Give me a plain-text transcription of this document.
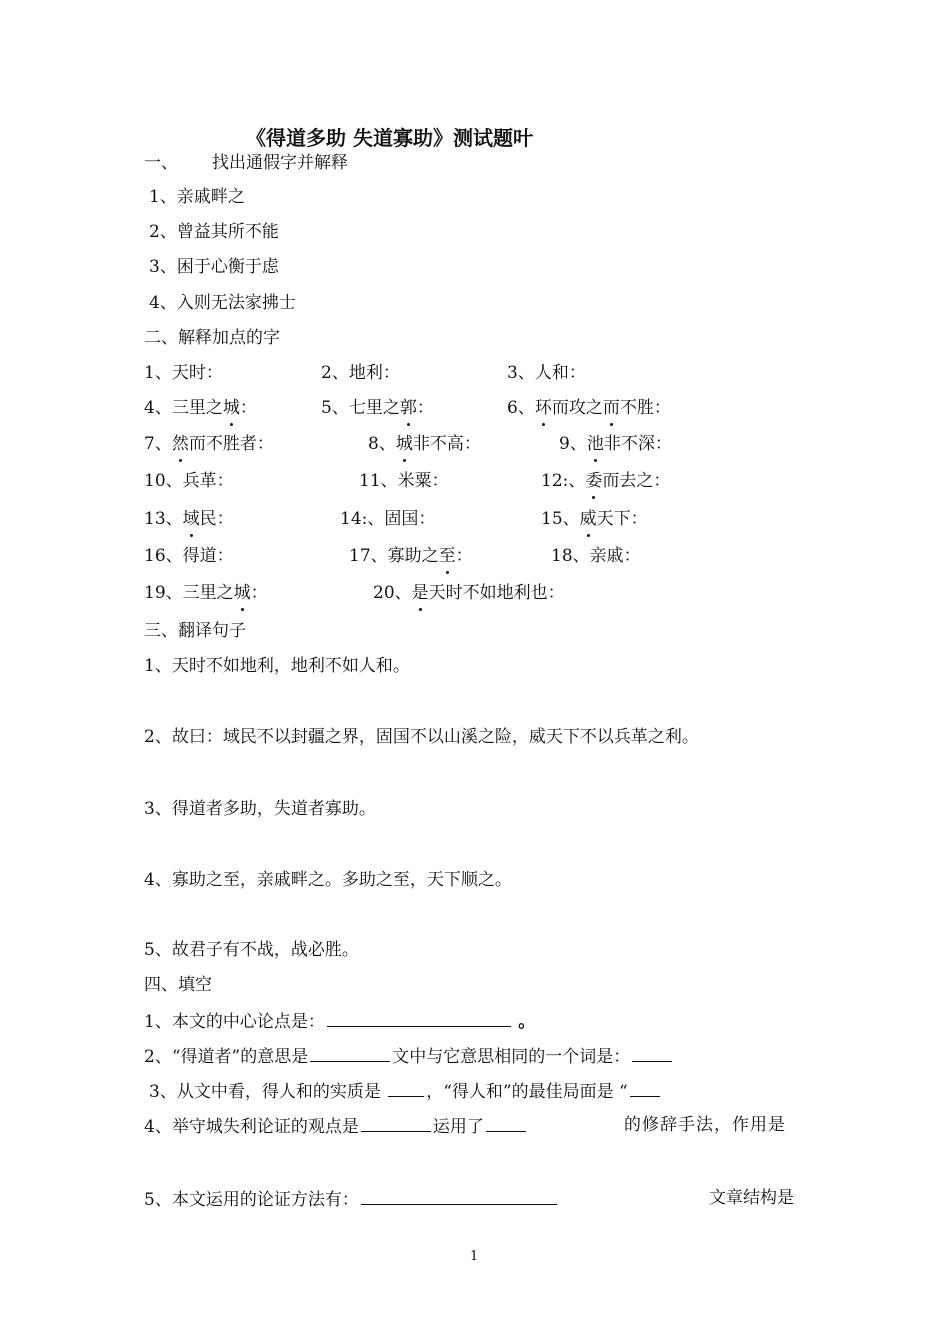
《得道多助 失道寡助》测试题叶
一、 找出通假字并解释
1、亲戚畔之
2、曾益其所不能
3、困于心衡于虑
4、入则无法家拂士
二、解释加点的字
1、天时：	2、地利：	3、人和：
4、三里之城：	5、七里之郭：	6、环而攻之而不胜：
7、然而不胜者：	8、城非不高：	9、池非不深：
10、兵革：	11、米粟：	12:、委而去之：
13、域民：	14:、固国：	15、威天下：
16、得道：	17、寡助之至：	18、亲戚：
19、三里之城：	20、是天时不如地利也：
三、翻译句子
1、天时不如地利，地利不如人和。
2、故曰：域民不以封疆之界，固国不以山溪之险，威天下不以兵革之利。
3、得道者多助，失道者寡助。
4、寡助之至，亲戚畔之。多助之至，天下顺之。
5、故君子有不战，战必胜。
四、填空
1、本文的中心论点是：	。
2、“得道者”的意思是	文中与它意思相同的一个词是：
3、从文中看，得人和的实质是	，“得人和”的最佳局面是 “
4、举守城失利论证的观点是	运用了	的修辞手法，作用是
5、本文运用的论证方法有：	文章结构是
1
